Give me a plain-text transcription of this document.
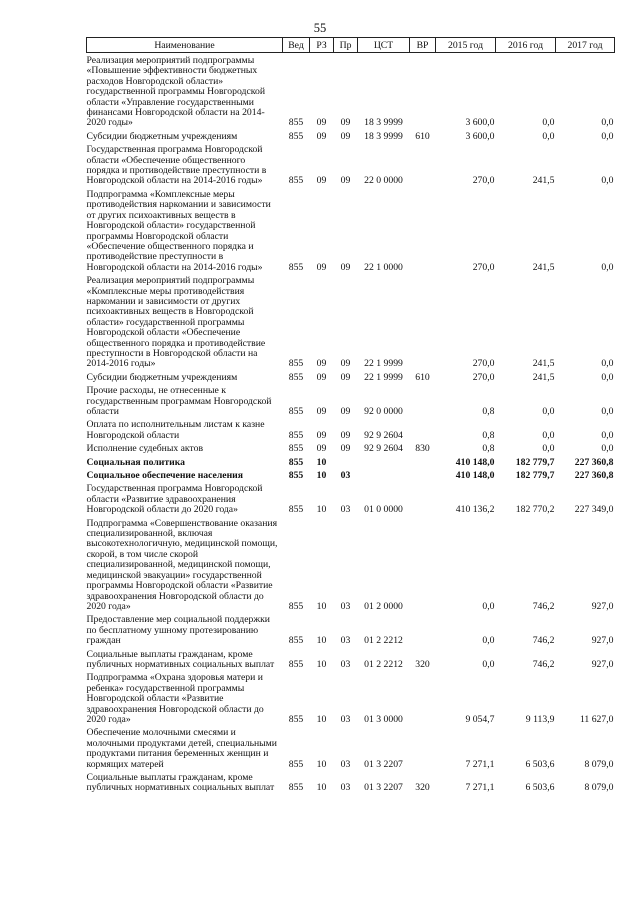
55
Наименование	Вед	РЗ	Пр	ЦСТ	ВР	2015 год	2016 год	2017 год
Реализация мероприятий подпрограммы «Повышение эффективности бюджетных расходов Новгородской области» государственной программы Новгородской области «Управление государственными финансами Новгородской области на 2014-2020 годы»	855	09	09	18 3 9999		3 600,0	0,0	0,0
Субсидии бюджетным учреждениям	855	09	09	18 3 9999	610	3 600,0	0,0	0,0
Государственная программа Новгородской области «Обеспечение общественного порядка и противодействие преступности в Новгородской области на 2014-2016 годы»	855	09	09	22 0 0000		270,0	241,5	0,0
Подпрограмма «Комплексные меры противодействия наркомании и зависимости от других психоактивных веществ в Новгородской области» государственной программы Новгородской области «Обеспечение общественного порядка и противодействие преступности в Новгородской области на 2014-2016 годы»	855	09	09	22 1 0000		270,0	241,5	0,0
Реализация мероприятий подпрограммы «Комплексные меры противодействия наркомании и зависимости от других психоактивных веществ в Новгородской области» государственной программы Новгородской области «Обеспечение общественного порядка и противодействие преступности в Новгородской области на 2014-2016 годы»	855	09	09	22 1 9999		270,0	241,5	0,0
Субсидии бюджетным учреждениям	855	09	09	22 1 9999	610	270,0	241,5	0,0
Прочие расходы, не отнесенные к государственным программам Новгородской области	855	09	09	92 0 0000		0,8	0,0	0,0
Оплата по исполнительным листам к казне Новгородской области	855	09	09	92 9 2604		0,8	0,0	0,0
Исполнение судебных актов	855	09	09	92 9 2604	830	0,8	0,0	0,0
Социальная политика	855	10				410 148,0	182 779,7	227 360,8
Социальное обеспечение населения	855	10	03			410 148,0	182 779,7	227 360,8
Государственная программа Новгородской области «Развитие здравоохранения Новгородской области до 2020 года»	855	10	03	01 0 0000		410 136,2	182 770,2	227 349,0
Подпрограмма «Совершенствование оказания специализированной, включая высокотехнологичную, медицинской помощи, скорой, в том числе скорой специализированной, медицинской помощи, медицинской эвакуации» государственной программы Новгородской области «Развитие здравоохранения Новгородской области до 2020 года»	855	10	03	01 2 0000		0,0	746,2	927,0
Предоставление мер социальной поддержки по бесплатному ушному протезированию граждан	855	10	03	01 2 2212		0,0	746,2	927,0
Социальные выплаты гражданам, кроме публичных нормативных социальных выплат	855	10	03	01 2 2212	320	0,0	746,2	927,0
Подпрограмма «Охрана здоровья матери и ребенка» государственной программы Новгородской области «Развитие здравоохранения Новгородской области до 2020 года»	855	10	03	01 3 0000		9 054,7	9 113,9	11 627,0
Обеспечение молочными смесями и молочными продуктами детей, специальными продуктами питания беременных женщин и кормящих матерей	855	10	03	01 3 2207		7 271,1	6 503,6	8 079,0
Социальные выплаты гражданам, кроме публичных нормативных социальных выплат	855	10	03	01 3 2207	320	7 271,1	6 503,6	8 079,0
